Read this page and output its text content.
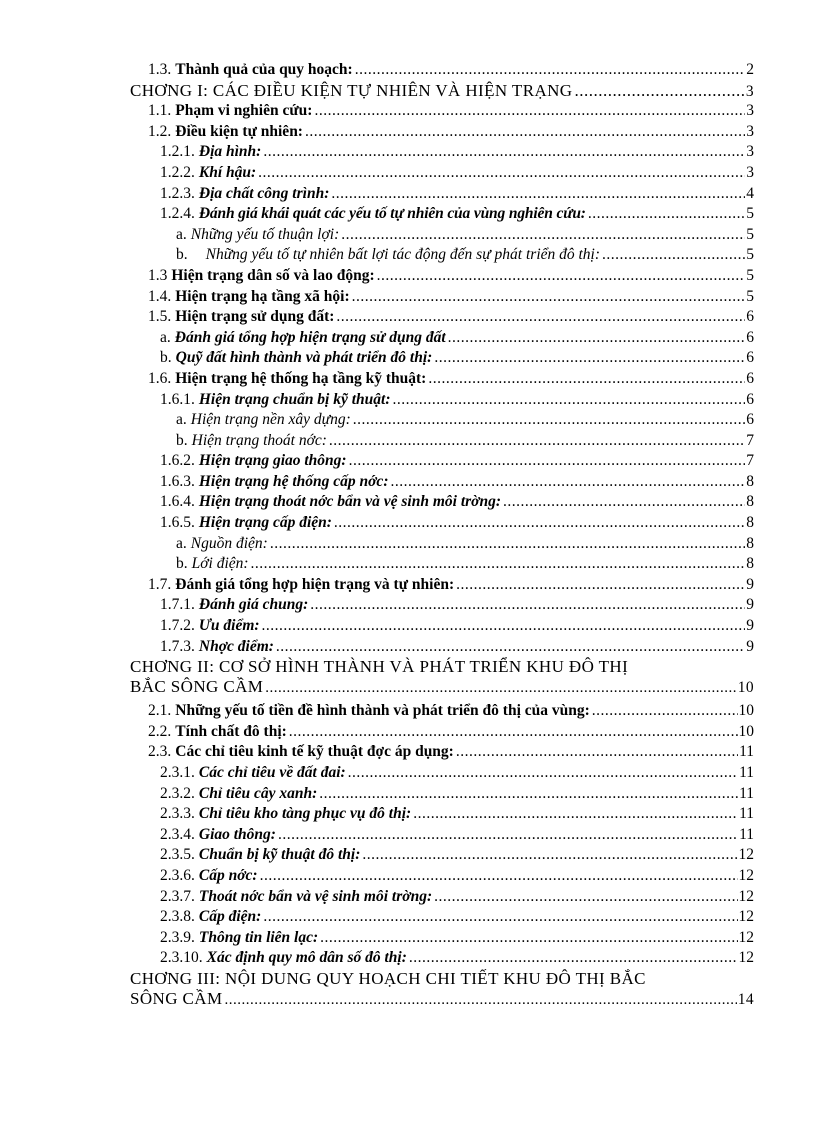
1.3. Thành quả của quy hoạch: .....	2
CHƠNG I: CÁC ĐIỀU KIỆN TỰ NHIÊN VÀ HIỆN TRẠNG .....	3
1.1. Phạm vi nghiên cứu: .....	3
1.2. Điều kiện tự nhiên: .....	3
1.2.1. Địa hình: .....	3
1.2.2. Khí hậu: .....	3
1.2.3. Địa chất công trình: .....	4
1.2.4. Đánh giá khái quát các yếu tố tự nhiên của vùng nghiên cứu: .....	5
a. Những yếu tố thuận lợi: .....	5
b. Những yếu tố tự nhiên bất lợi tác động đến sự phát triển đô thị: .....	5
1.3 Hiện trạng dân số và lao động: .....	5
1.4. Hiện trạng hạ tầng xã hội: .....	5
1.5. Hiện trạng sử dụng đất: .....	6
a. Đánh giá tổng hợp hiện trạng sử dụng đất .....	6
b. Quỹ đất hình thành và phát triển đô thị: .....	6
1.6. Hiện trạng hệ thống hạ tầng kỹ thuật: .....	6
1.6.1. Hiện trạng chuẩn bị kỹ thuật: .....	6
a. Hiện trạng nền xây dựng: .....	6
b. Hiện trạng thoát nớc: .....	7
1.6.2. Hiện trạng giao thông: .....	7
1.6.3. Hiện trạng hệ thống cấp nớc: .....	8
1.6.4. Hiện trạng thoát nớc bẩn và vệ sinh môi trờng: .....	8
1.6.5. Hiện trạng cấp điện: .....	8
a. Nguồn điện: .....	8
b. Lới điện: .....	8
1.7. Đánh giá tổng hợp hiện trạng và tự nhiên: .....	9
1.7.1. Đánh giá chung: .....	9
1.7.2. Ưu điểm: .....	9
1.7.3. Nhợc điểm: .....	9
CHƠNG II: CƠ SỞ HÌNH THÀNH VÀ PHÁT TRIỂN KHU ĐÔ THỊ
BẮC SÔNG CẦM .....	10
2.1. Những yếu tố tiền đề hình thành và phát triển đô thị của vùng: .....	10
2.2. Tính chất đô thị: .....	10
2.3. Các chỉ tiêu kinh tế kỹ thuật đợc áp dụng: .....	11
2.3.1. Các chỉ tiêu về đất đai: .....	11
2.3.2. Chỉ tiêu cây xanh: .....	11
2.3.3. Chỉ tiêu kho tàng phục vụ đô thị: .....	11
2.3.4. Giao thông: .....	11
2.3.5. Chuẩn bị kỹ thuật đô thị: .....	12
2.3.6. Cấp nớc: .....	12
2.3.7. Thoát nớc bẩn và vệ sinh môi trờng: .....	12
2.3.8. Cấp điện: .....	12
2.3.9. Thông tin liên lạc: .....	12
2.3.10. Xác định quy mô dân số đô thị: .....	12
CHƠNG III: NỘI DUNG QUY HOẠCH CHI TIẾT KHU ĐÔ THỊ BẮC
SÔNG CẦM .....	14
